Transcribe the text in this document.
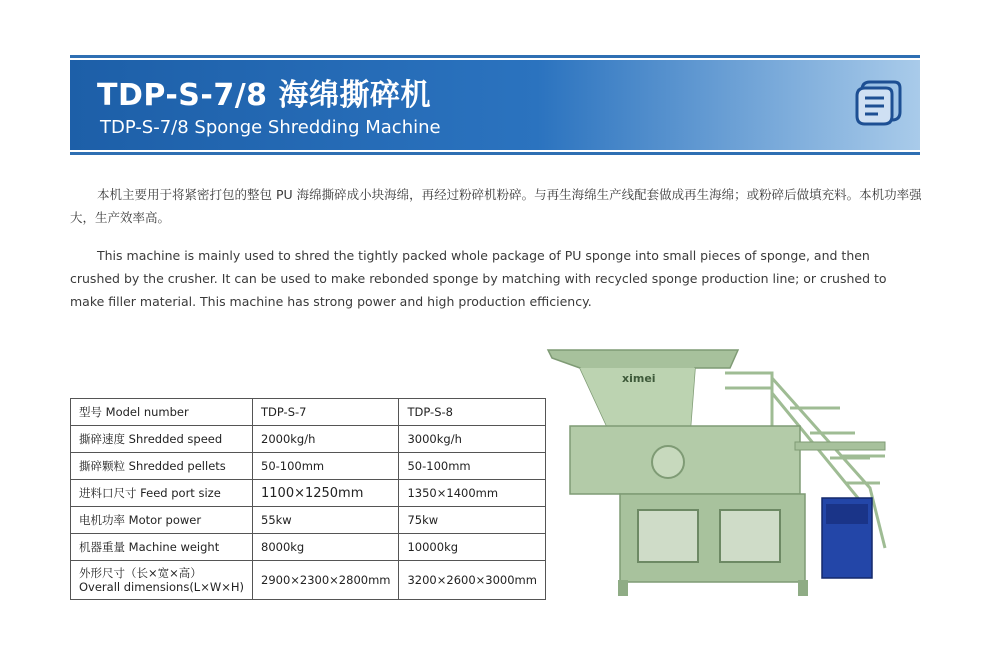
TDP-S-7/8 海绵撕碎机
TDP-S-7/8 Sponge Shredding Machine

本机主要用于将紧密打包的整包 PU 海绵撕碎成小块海绵，再经过粉碎机粉碎。与再生海绵生产线配套做成再生海绵；或粉碎后做填充料。本机功率强大，生产效率高。

This machine is mainly used to shred the tightly packed whole package of PU sponge into small pieces of sponge, and then crushed by the crusher. It can be used to make rebonded sponge by matching with recycled sponge production line; or crushed to make filler material. This machine has strong power and high production efficiency.

型号 Model number	TDP-S-7	TDP-S-8
撕碎速度 Shredded speed	2000kg/h	3000kg/h
撕碎颗粒 Shredded pellets	50-100mm	50-100mm
进料口尺寸 Feed port size	1100×1250mm	1350×1400mm
电机功率 Motor power	55kw	75kw
机器重量 Machine weight	8000kg	10000kg

外形尺寸（长×宽×高）
Overall dimensions(L×W×H)	2900×2300×2800mm	3200×2600×3000mm
ximei
